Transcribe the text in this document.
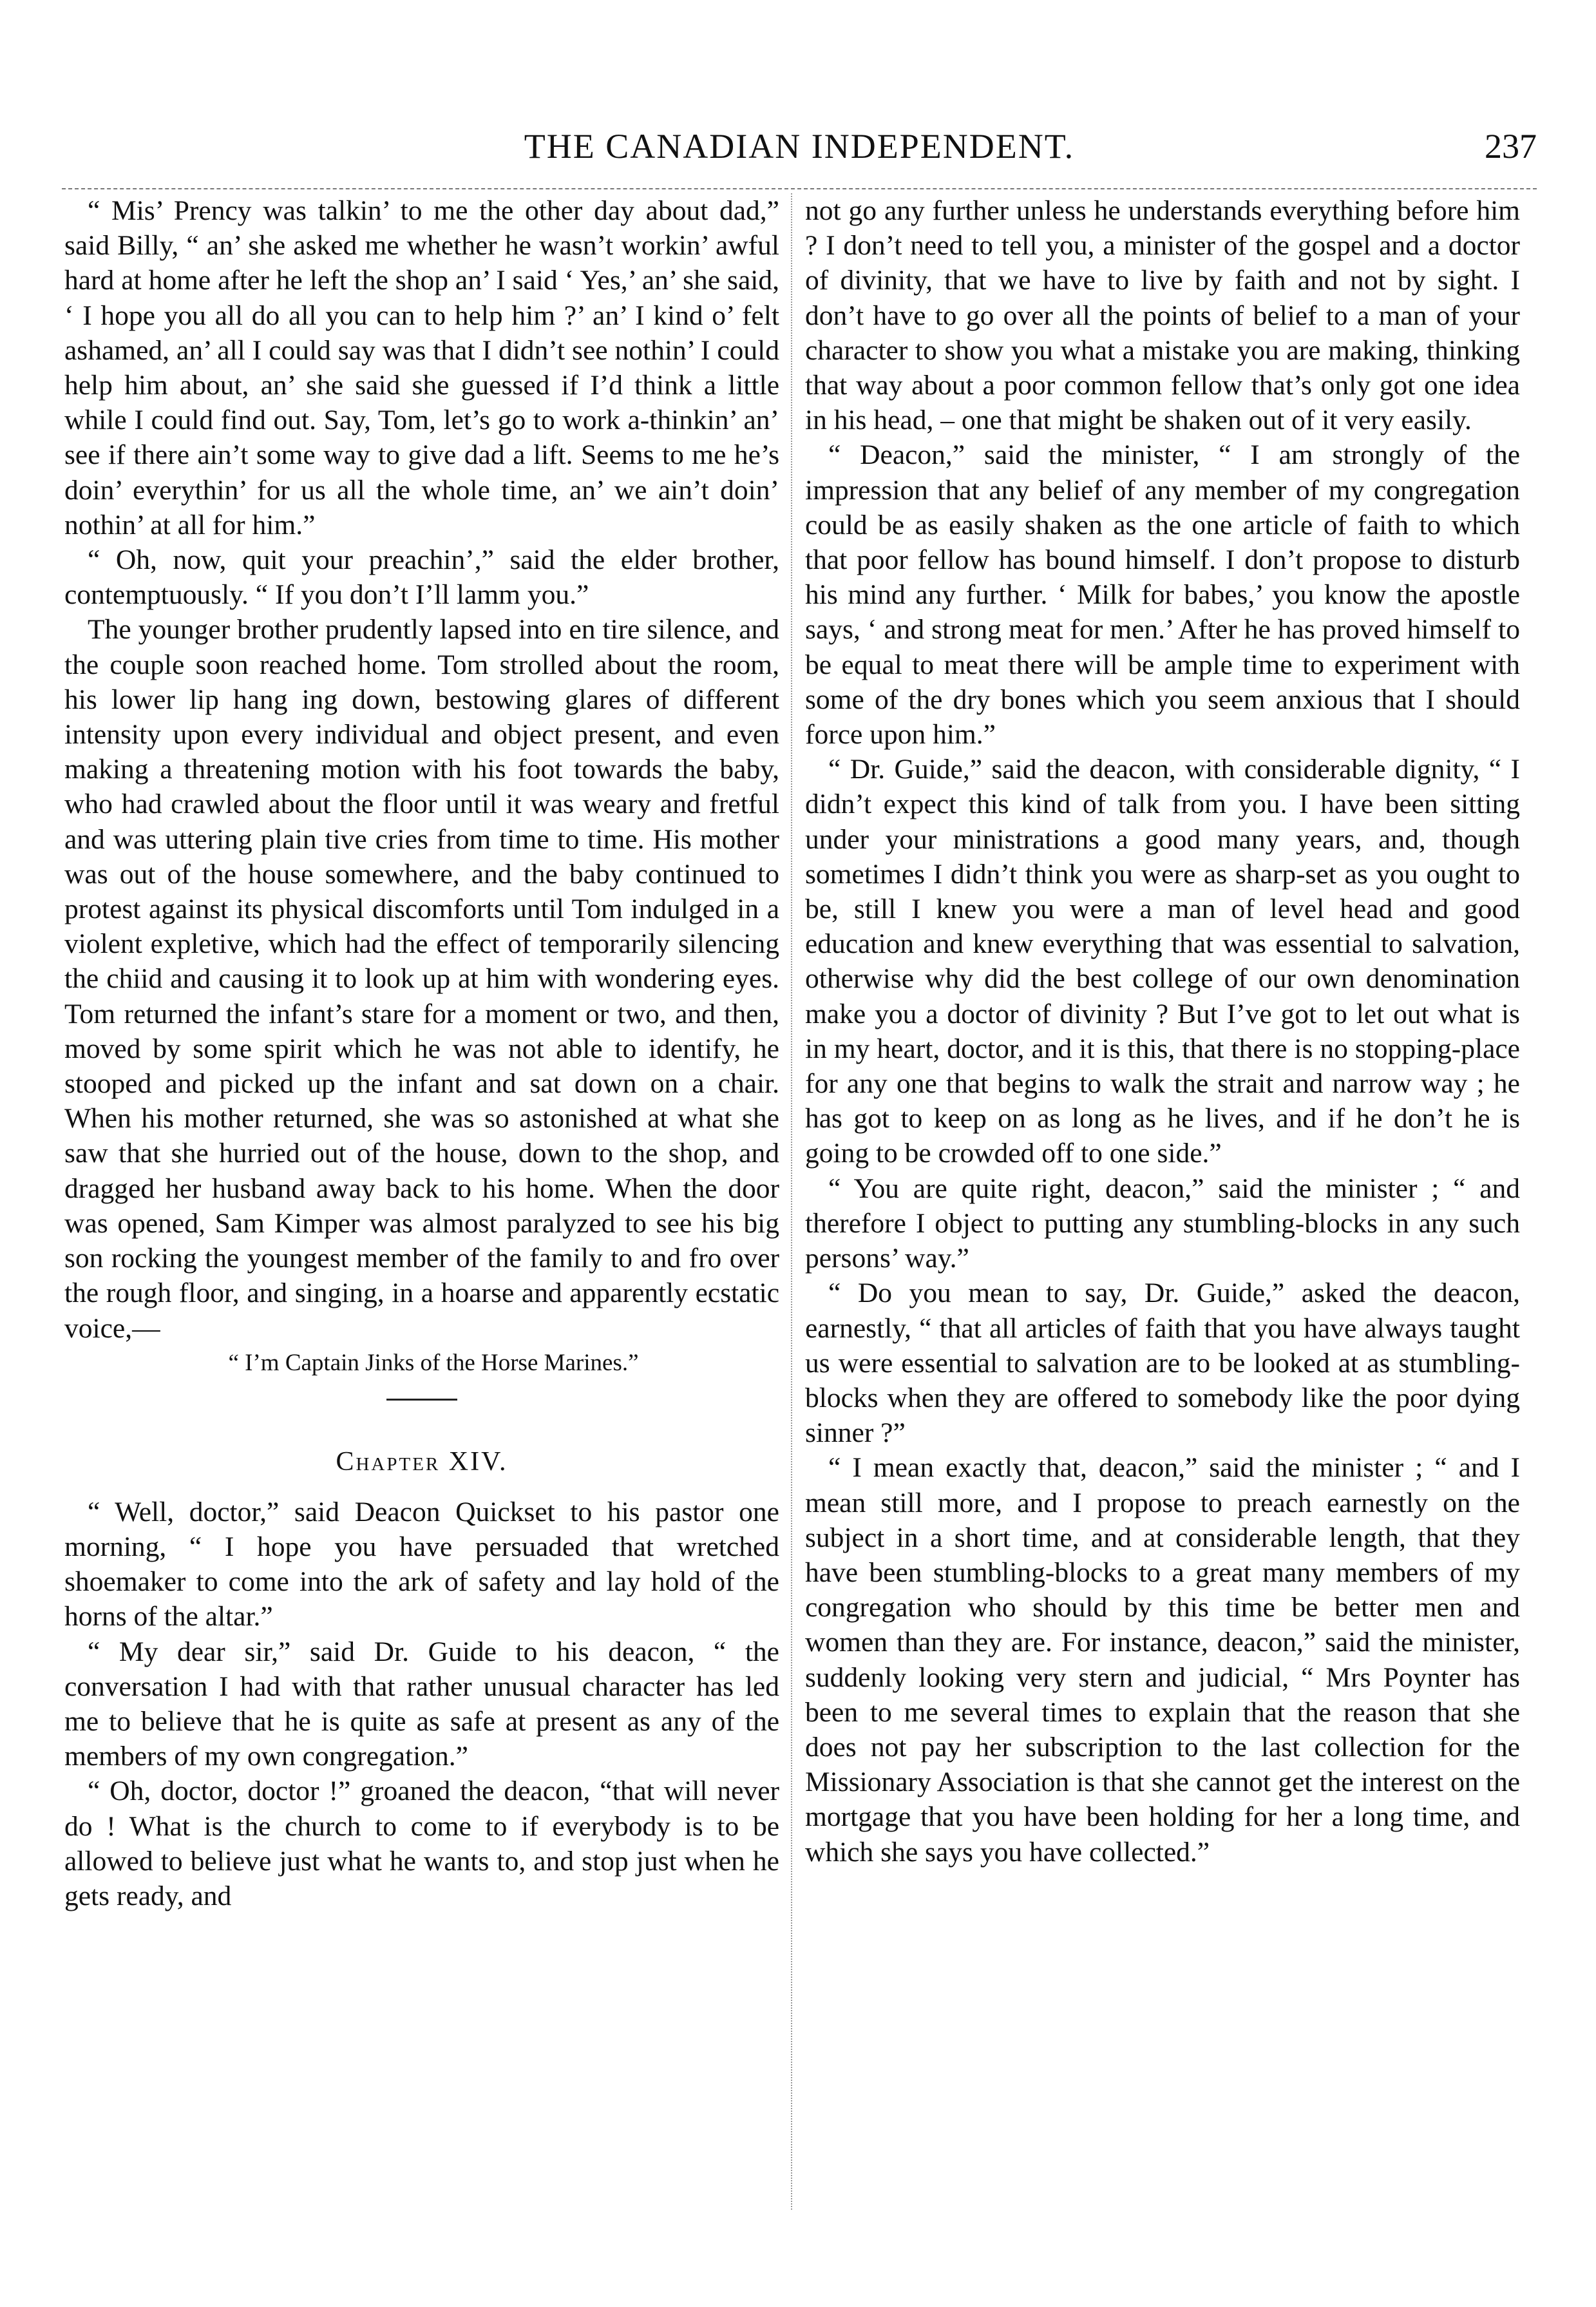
THE CANADIAN INDEPENDENT.	237

“ Mis’ Prency was talkin’ to me the other day about dad,” said Billy, “ an’ she asked me whether he wasn’t workin’ awful hard at home after he left the shop an’ I said ‘ Yes,’ an’ she said, ‘ I hope you all do all you can to help him ?’ an’ I kind o’ felt ashamed, an’ all I could say was that I didn’t see nothin’ I could help him about, an’ she said she guessed if I’d think a little while I could find out. Say, Tom, let’s go to work a-thinkin’ an’ see if there ain’t some way to give dad a lift. Seems to me he’s doin’ everythin’ for us all the whole time, an’ we ain’t doin’ nothin’ at all for him.”

“ Oh, now, quit your preachin’,” said the elder brother, contemptuously. “ If you don’t I’ll lamm you.”

The younger brother prudently lapsed into en tire silence, and the couple soon reached home. Tom strolled about the room, his lower lip hang ing down, bestowing glares of different intensity upon every individual and object present, and even making a threatening motion with his foot towards the baby, who had crawled about the floor until it was weary and fretful and was uttering plain tive cries from time to time. His mother was out of the house somewhere, and the baby continued to protest against its physical discomforts until Tom indulged in a violent expletive, which had the effect of temporarily silencing the chiid and causing it to look up at him with wondering eyes. Tom returned the infant’s stare for a moment or two, and then, moved by some spirit which he was not able to identify, he stooped and picked up the infant and sat down on a chair. When his mother returned, she was so astonished at what she saw that she hurried out of the house, down to the shop, and dragged her husband away back to his home. When the door was opened, Sam Kimper was almost paralyzed to see his big son rocking the youngest member of the family to and fro over the rough floor, and singing, in a hoarse and apparently ecstatic voice,—

“ I’m Captain Jinks of the Horse Marines.”

Chapter XIV.

“ Well, doctor,” said Deacon Quickset to his pastor one morning, “ I hope you have persuaded that wretched shoemaker to come into the ark of safety and lay hold of the horns of the altar.”

“ My dear sir,” said Dr. Guide to his deacon, “ the conversation I had with that rather unusual character has led me to believe that he is quite as safe at present as any of the members of my own congregation.”

“ Oh, doctor, doctor !” groaned the deacon, “that will never do ! What is the church to come to if everybody is to be allowed to believe just what he wants to, and stop just when he gets ready, and

not go any further unless he understands everything before him ? I don’t need to tell you, a minister of the gospel and a doctor of divinity, that we have to live by faith and not by sight. I don’t have to go over all the points of belief to a man of your character to show you what a mistake you are making, thinking that way about a poor common fellow that’s only got one idea in his head, – one that might be shaken out of it very easily.

“ Deacon,” said the minister, “ I am strongly of the impression that any belief of any member of my congregation could be as easily shaken as the one article of faith to which that poor fellow has bound himself. I don’t propose to disturb his mind any further. ‘ Milk for babes,’ you know the apostle says, ‘ and strong meat for men.’ After he has proved himself to be equal to meat there will be ample time to experiment with some of the dry bones which you seem anxious that I should force upon him.”

“ Dr. Guide,” said the deacon, with considerable dignity, “ I didn’t expect this kind of talk from you. I have been sitting under your ministrations a good many years, and, though sometimes I didn’t think you were as sharp-set as you ought to be, still I knew you were a man of level head and good education and knew everything that was essential to salvation, otherwise why did the best college of our own denomination make you a doctor of divinity ? But I’ve got to let out what is in my heart, doctor, and it is this, that there is no stopping-place for any one that begins to walk the strait and narrow way ; he has got to keep on as long as he lives, and if he don’t he is going to be crowded off to one side.”

“ You are quite right, deacon,” said the minister ; “ and therefore I object to putting any stumbling-blocks in any such persons’ way.”

“ Do you mean to say, Dr. Guide,” asked the deacon, earnestly, “ that all articles of faith that you have always taught us were essential to salvation are to be looked at as stumbling-blocks when they are offered to somebody like the poor dying sinner ?”

“ I mean exactly that, deacon,” said the minister ; “ and I mean still more, and I propose to preach earnestly on the subject in a short time, and at considerable length, that they have been stumbling-blocks to a great many members of my congregation who should by this time be better men and women than they are. For instance, deacon,” said the minister, suddenly looking very stern and judicial, “ Mrs Poynter has been to me several times to explain that the reason that she does not pay her subscription to the last collection for the Missionary Association is that she cannot get the interest on the mortgage that you have been holding for her a long time, and which she says you have collected.”
